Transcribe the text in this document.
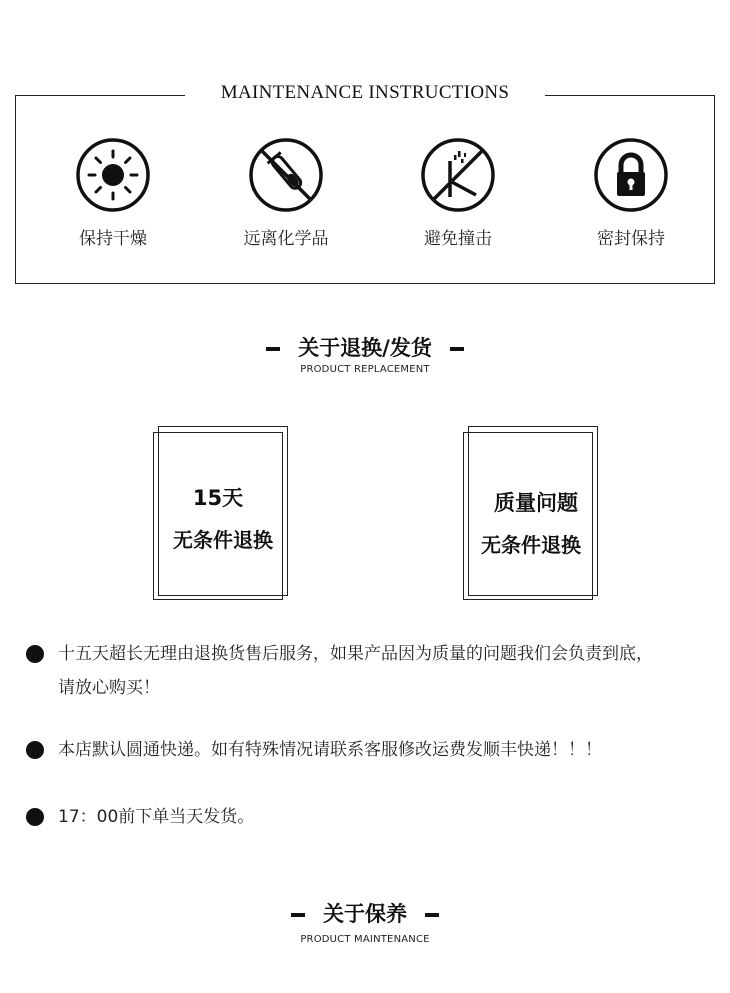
MAINTENANCE INSTRUCTIONS
保持干燥	远离化学品	避免撞击	密封保持
关于退换/发货
PRODUCT REPLACEMENT
15天
无条件退换
质量问题
无条件退换
十五天超长无理由退换货售后服务，如果产品因为质量的问题我们会负责到底，
请放心购买！
本店默认圆通快递。如有特殊情况请联系客服修改运费发顺丰快递！！！
17：00前下单当天发货。
关于保养
PRODUCT MAINTENANCE
